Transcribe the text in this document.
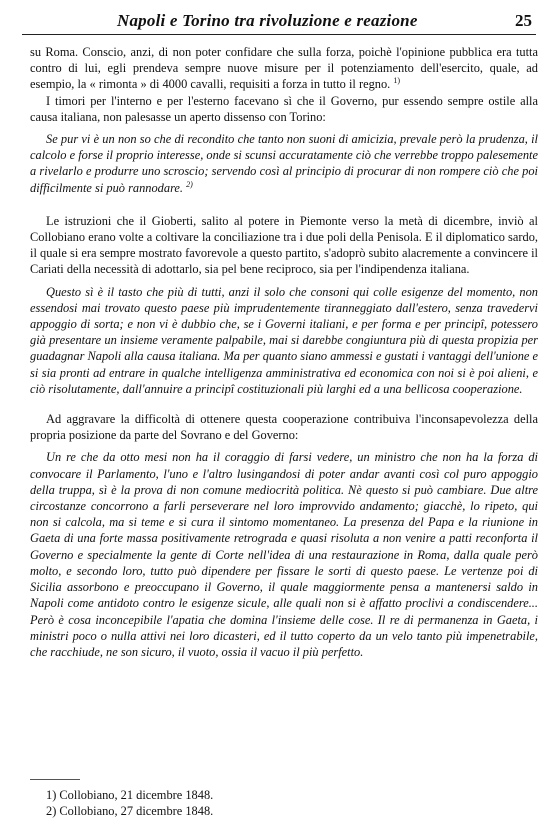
Napoli e Torino tra rivoluzione e reazione	25

su Roma. Conscio, anzi, di non poter confidare che sulla forza, poichè l'opinione pubblica era tutta contro di lui, egli prendeva sempre nuove misure per il potenziamento dell'esercito, quale, ad esempio, la « rimonta » di 4000 cavalli, requisiti a forza in tutto il regno. $^{1)}$

I timori per l'interno e per l'esterno facevano sì che il Governo, pur essendo sempre ostile alla causa italiana, non palesasse un aperto dissenso con Torino:

Se pur vi è un non so che di recondito che tanto non suoni di amicizia, prevale però la prudenza, il calcolo e forse il proprio interesse, onde si scunsi accuratamente ciò che verrebbe troppo palesemente a rivelarlo e produrre uno scroscio; servendo così al principio di procurar di non rompere ciò che poi difficilmente si può rannodare. $^{2)}$

Le istruzioni che il Gioberti, salito al potere in Piemonte verso la metà di dicembre, inviò al Collobiano erano volte a coltivare la conciliazione tra i due poli della Penisola. E il diplomatico sardo, il quale si era sempre mostrato favorevole a questo partito, s'adoprò subito alacremente a convincere il Cariati della necessità di adottarlo, sia pel bene reciproco, sia per l'indipendenza italiana.

Questo sì è il tasto che più di tutti, anzi il solo che consoni qui colle esigenze del momento, non essendosi mai trovato questo paese più imprudentemente tiranneggiato dall'estero, senza travedervi appoggio di sorta; e non vi è dubbio che, se i Governi italiani, e per forma e per principî, potessero già presentare un insieme veramente palpabile, mai si darebbe congiuntura più di questa propizia per guadagnar Napoli alla causa italiana. Ma per quanto siano ammessi e gustati i vantaggi dell'unione e si sia pronti ad entrare in qualche intelligenza amministrativa ed economica con noi si è poi alieni, e ciò risolutamente, dall'annuire a principî costituzionali più larghi ed a una bellicosa cooperazione.

Ad aggravare la difficoltà di ottenere questa cooperazione contribuiva l'inconsapevolezza della propria posizione da parte del Sovrano e del Governo:

Un re che da otto mesi non ha il coraggio di farsi vedere, un ministro che non ha la forza di convocare il Parlamento, l'uno e l'altro lusingandosi di poter andar avanti così col puro appoggio della truppa, sì è la prova di non comune mediocrità politica. Nè questo si può cambiare. Due altre circostanze concorrono a farli perseverare nel loro improvvido andamento; giacchè, lo ripeto, qui non si calcola, ma si teme e si cura il sintomo momentaneo. La presenza del Papa e la riunione in Gaeta di una forte massa positivamente retrograda e quasi risoluta a non venire a patti reconforta il Governo e specialmente la gente di Corte nell'idea di una restaurazione in Roma, dalla quale però molto, e secondo loro, tutto può dipendere per fissare le sorti di questo paese. Le vertenze poi di Sicilia assorbono e preoccupano il Governo, il quale maggiormente pensa a mantenersi saldo in Napoli come antidoto contro le esigenze sicule, alle quali non si è affatto proclivi a condiscendere... Però è cosa inconcepibile l'apatia che domina l'insieme delle cose. Il re di permanenza in Gaeta, i ministri poco o nulla attivi nei loro dicasteri, ed il tutto coperto da un velo tanto più impenetrabile, che racchiude, ne son sicuro, il vuoto, ossia il vacuo il più perfetto.

1) Collobiano, 21 dicembre 1848.
2) Collobiano, 27 dicembre 1848.
